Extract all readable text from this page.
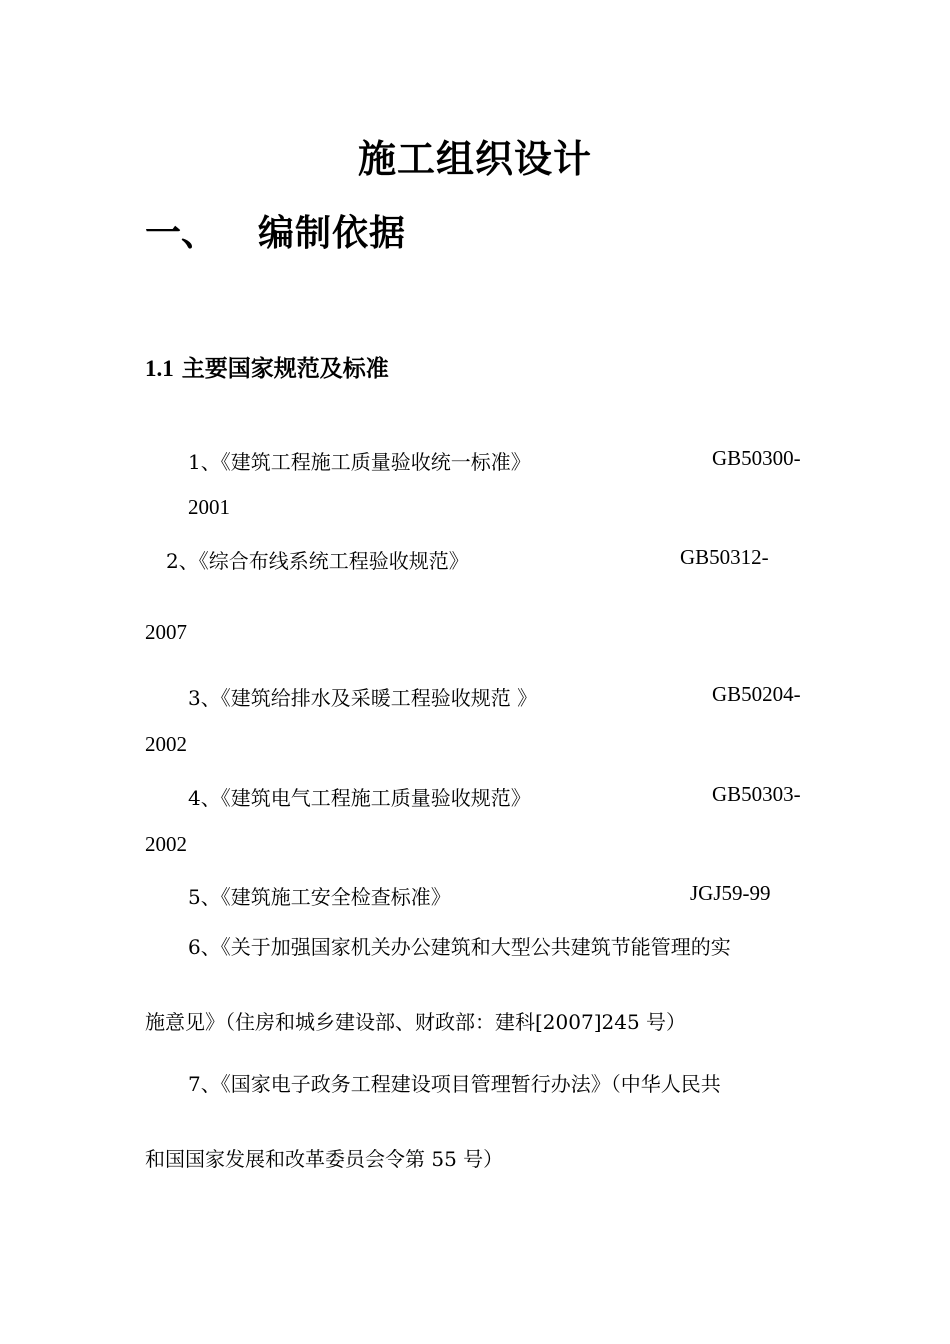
施工组织设计
一、 编制依据
1.1 主要国家规范及标准
1、《建筑工程施工质量验收统一标准》	GB50300-
2001
2、《综合布线系统工程验收规范》	GB50312-
2007
3、《建筑给排水及采暖工程验收规范 》	GB50204-
2002
4、《建筑电气工程施工质量验收规范》	GB50303-
2002
5、《建筑施工安全检查标准》	JGJ59-99
6、《关于加强国家机关办公建筑和大型公共建筑节能管理的实
施意见》（住房和城乡建设部、财政部：建科[2007]245 号）
7、《国家电子政务工程建设项目管理暂行办法》（中华人民共
和国国家发展和改革委员会令第 55 号）
